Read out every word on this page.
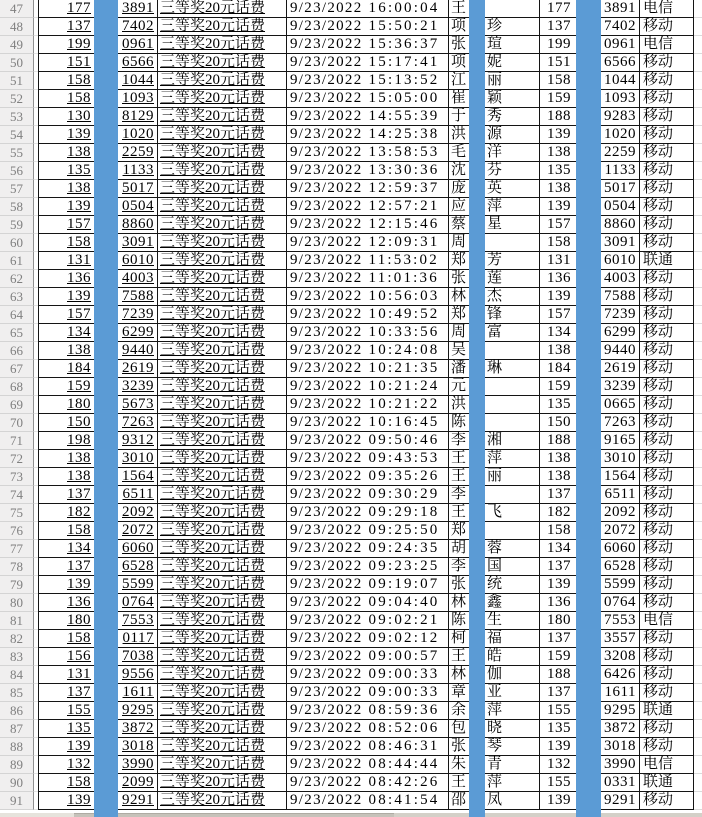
47	177 3891 三等奖20元话费	9/23/2022 16:00:04 王	177 3891 电信
48	137 7402 三等奖20元话费	9/23/2022 15:50:21 项 珍	137 7402 移动
49	199 0961 三等奖20元话费	9/23/2022 15:36:37 张 瑄	199 0961 电信
50	151 6566 三等奖20元话费	9/23/2022 15:17:41 项 妮	151 6566 移动
51	158 1044 三等奖20元话费	9/23/2022 15:13:52 江 丽	158 1044 移动
52	158 1093 三等奖20元话费	9/23/2022 15:05:00 崔 颖	159 1093 移动
53	130 8129 三等奖20元话费	9/23/2022 14:55:39 于 秀	188 9283 移动
54	139 1020 三等奖20元话费	9/23/2022 14:25:38 洪 源	139 1020 移动
55	138 2259 三等奖20元话费	9/23/2022 13:58:53 毛 洋	138 2259 移动
56	135 1133 三等奖20元话费	9/23/2022 13:30:36 沈 芬	135 1133 移动
57	138 5017 三等奖20元话费	9/23/2022 12:59:37 庞 英	138 5017 移动
58	139 0504 三等奖20元话费	9/23/2022 12:57:21 应 萍	139 0504 移动
59	157 8860 三等奖20元话费	9/23/2022 12:15:46 蔡 星	157 8860 移动
60	158 3091 三等奖20元话费	9/23/2022 12:09:31 周	158 3091 移动
61	131 6010 三等奖20元话费	9/23/2022 11:53:02 郑 芳	131 6010 联通
62	136 4003 三等奖20元话费	9/23/2022 11:01:36 张 莲	136 4003 移动
63	139 7588 三等奖20元话费	9/23/2022 10:56:03 林 杰	139 7588 移动
64	157 7239 三等奖20元话费	9/23/2022 10:49:52 郑 锋	157 7239 移动
65	134 6299 三等奖20元话费	9/23/2022 10:33:56 周 富	134 6299 移动
66	138 9440 三等奖20元话费	9/23/2022 10:24:08 吴	138 9440 移动
67	184 2619 三等奖20元话费	9/23/2022 10:21:35 潘 琳	184 2619 移动
68	159 3239 三等奖20元话费	9/23/2022 10:21:24 元	159 3239 移动
69	180 5673 三等奖20元话费	9/23/2022 10:21:22 洪	135 0665 移动
70	150 7263 三等奖20元话费	9/23/2022 10:16:45 陈	150 7263 移动
71	198 9312 三等奖20元话费	9/23/2022 09:50:46 李 湘	188 9165 移动
72	138 3010 三等奖20元话费	9/23/2022 09:43:53 王 萍	138 3010 移动
73	138 1564 三等奖20元话费	9/23/2022 09:35:26 王 丽	138 1564 移动
74	137 6511 三等奖20元话费	9/23/2022 09:30:29 李	137 6511 移动
75	182 2092 三等奖20元话费	9/23/2022 09:29:18 王 飞	182 2092 移动
76	158 2072 三等奖20元话费	9/23/2022 09:25:50 郑	158 2072 移动
77	134 6060 三等奖20元话费	9/23/2022 09:24:35 胡 蓉	134 6060 移动
78	137 6528 三等奖20元话费	9/23/2022 09:23:25 李 国	137 6528 移动
79	139 5599 三等奖20元话费	9/23/2022 09:19:07 张 统	139 5599 移动
80	136 0764 三等奖20元话费	9/23/2022 09:04:40 林 鑫	136 0764 移动
81	180 7553 三等奖20元话费	9/23/2022 09:02:21 陈 生	180 7553 电信
82	158 0117 三等奖20元话费	9/23/2022 09:02:12 柯 福	137 3557 移动
83	156 7038 三等奖20元话费	9/23/2022 09:00:57 王 皓	159 3208 移动
84	131 9556 三等奖20元话费	9/23/2022 09:00:33 林 伽	188 6426 移动
85	137 1611 三等奖20元话费	9/23/2022 09:00:33 章 亚	137 1611 移动
86	155 9295 三等奖20元话费	9/23/2022 08:59:36 余 萍	155 9295 联通
87	135 3872 三等奖20元话费	9/23/2022 08:52:06 包 晓	135 3872 移动
88	139 3018 三等奖20元话费	9/23/2022 08:46:31 张 琴	139 3018 移动
89	132 3990 三等奖20元话费	9/23/2022 08:44:44 朱 青	132 3990 电信
90	158 2099 三等奖20元话费	9/23/2022 08:42:26 王 萍	155 0331 联通
91	139 9291 三等奖20元话费	9/23/2022 08:41:54 邵 凤	139 9291 移动
